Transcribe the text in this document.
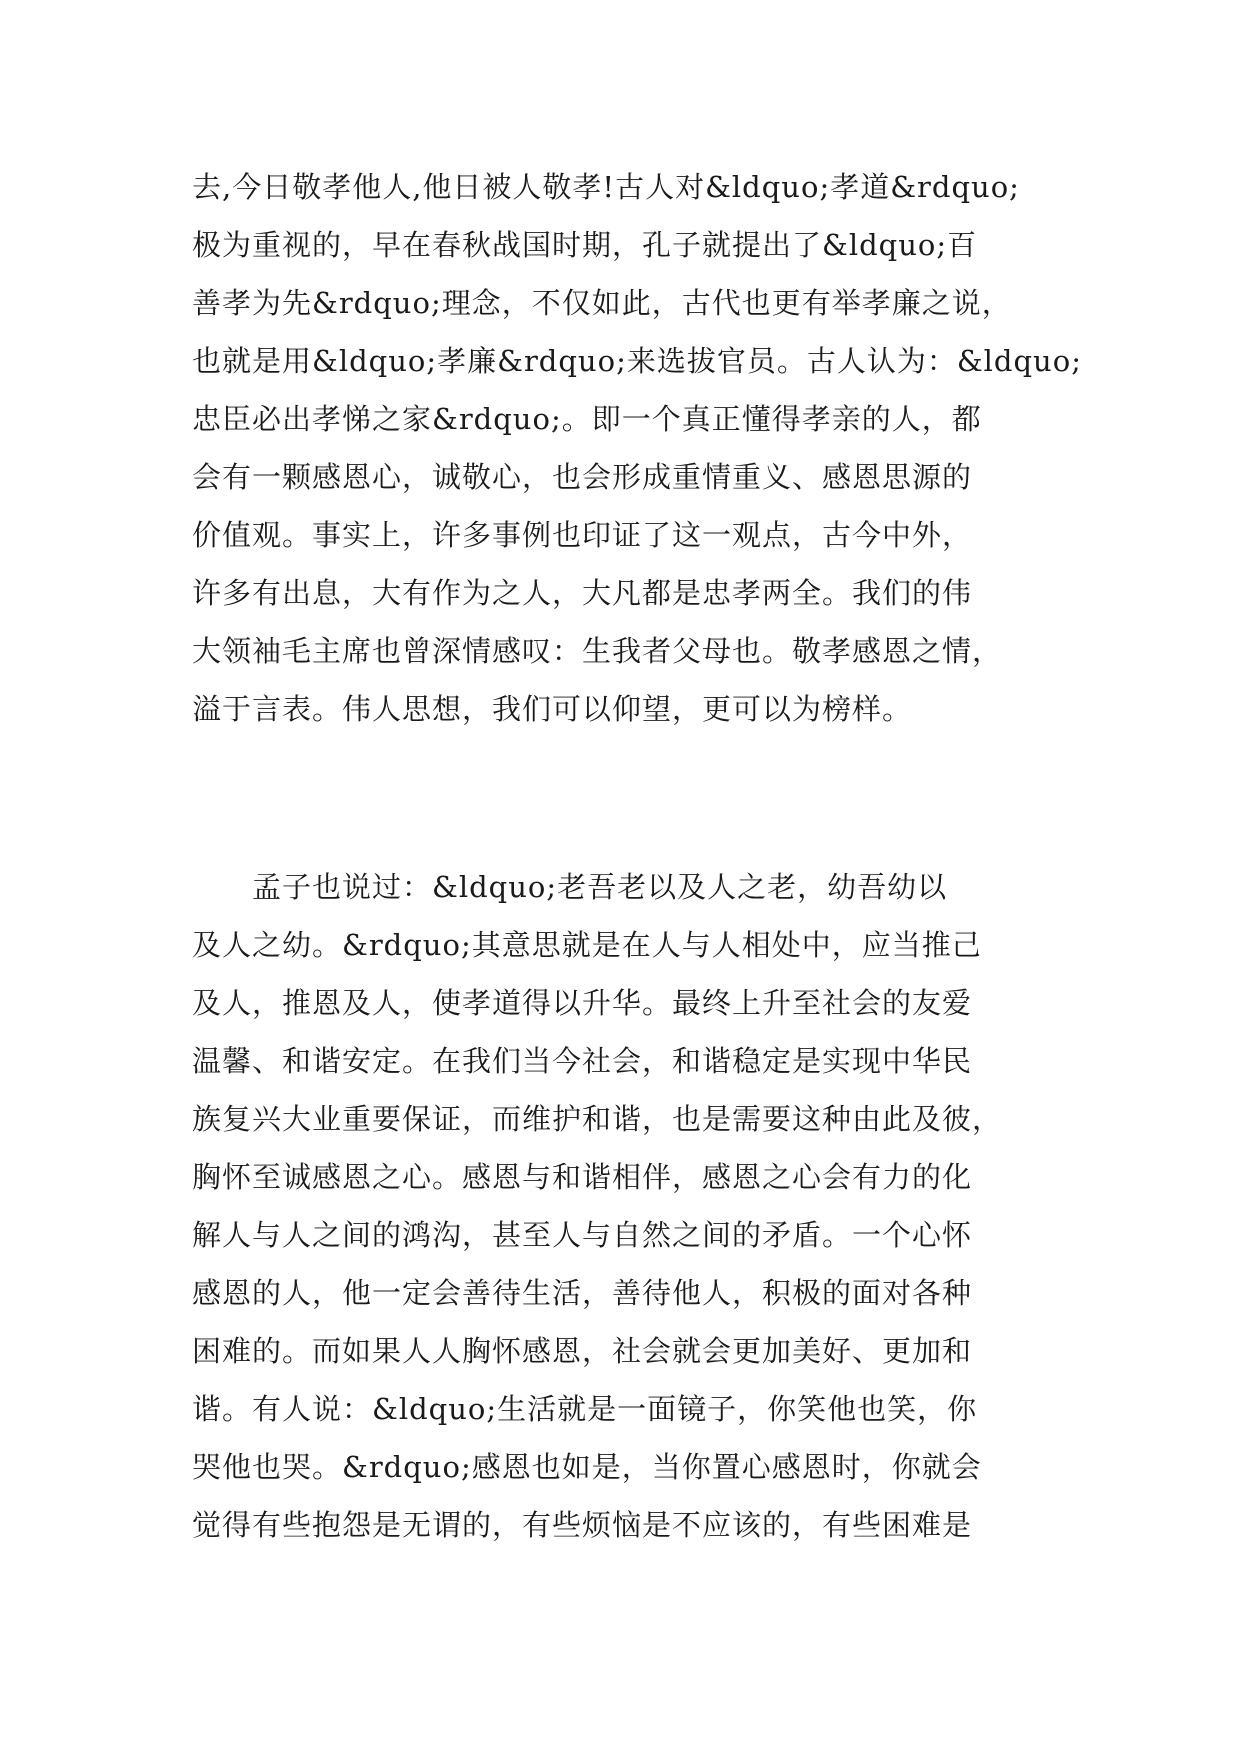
去,今日敬孝他人,他日被人敬孝!古人对&ldquo;孝道&rdquo;
极为重视的，早在春秋战国时期，孔子就提出了&ldquo;百
善孝为先&rdquo;理念，不仅如此，古代也更有举孝廉之说，
也就是用&ldquo;孝廉&rdquo;来选拔官员。古人认为：&ldquo;
忠臣必出孝悌之家&rdquo;。即一个真正懂得孝亲的人，都
会有一颗感恩心，诚敬心，也会形成重情重义、感恩思源的
价值观。事实上，许多事例也印证了这一观点，古今中外，
许多有出息，大有作为之人，大凡都是忠孝两全。我们的伟
大领袖毛主席也曾深情感叹：生我者父母也。敬孝感恩之情，
溢于言表。伟人思想，我们可以仰望，更可以为榜样。
　　孟子也说过：&ldquo;老吾老以及人之老，幼吾幼以
及人之幼。&rdquo;其意思就是在人与人相处中，应当推己
及人，推恩及人，使孝道得以升华。最终上升至社会的友爱
温馨、和谐安定。在我们当今社会，和谐稳定是实现中华民
族复兴大业重要保证，而维护和谐，也是需要这种由此及彼，
胸怀至诚感恩之心。感恩与和谐相伴，感恩之心会有力的化
解人与人之间的鸿沟，甚至人与自然之间的矛盾。一个心怀
感恩的人，他一定会善待生活，善待他人，积极的面对各种
困难的。而如果人人胸怀感恩，社会就会更加美好、更加和
谐。有人说：&ldquo;生活就是一面镜子，你笑他也笑，你
哭他也哭。&rdquo;感恩也如是，当你置心感恩时，你就会
觉得有些抱怨是无谓的，有些烦恼是不应该的，有些困难是
